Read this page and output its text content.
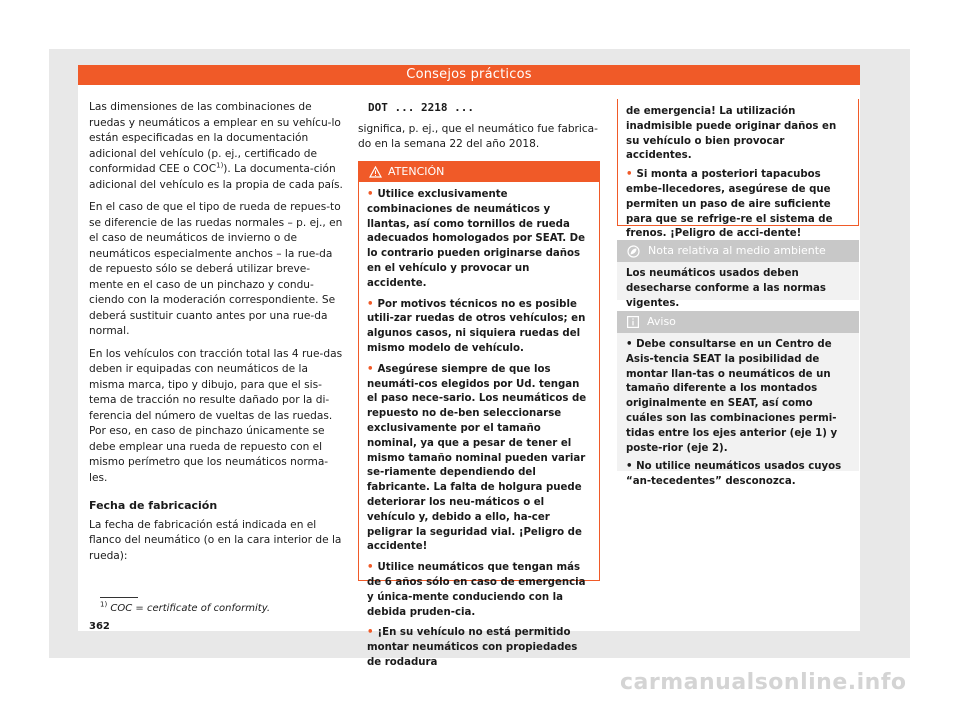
Consejos prácticos

Las dimensiones de las combinaciones de ruedas y neumáticos a emplear en su vehícu-lo están especificadas en la documentación adicional del vehículo (p. ej., certificado de conformidad CEE o COC$^{1)}$). La documenta-ción adicional del vehículo es la propia de cada país.

En el caso de que el tipo de rueda de repues-to se diferencie de las ruedas normales – p. ej., en el caso de neumáticos de invierno o de neumáticos especialmente anchos – la rue-da de repuesto sólo se deberá utilizar breve-mente en el caso de un pinchazo y condu-ciendo con la moderación correspondiente. Se deberá sustituir cuanto antes por una rue-da normal.

En los vehículos con tracción total las 4 rue-das deben ir equipadas con neumáticos de la misma marca, tipo y dibujo, para que el sis-tema de tracción no resulte dañado por la di-ferencia del número de vueltas de las ruedas. Por eso, en caso de pinchazo únicamente se debe emplear una rueda de repuesto con el mismo perímetro que los neumáticos norma-les.

Fecha de fabricación

La fecha de fabricación está indicada en el flanco del neumático (o en la cara interior de la rueda):

DOT ... 2218 ...

significa, p. ej., que el neumático fue fabrica-do en la semana 22 del año 2018.

ATENCIÓN

• Utilice exclusivamente combinaciones de neumáticos y llantas, así como tornillos de rueda adecuados homologados por SEAT. De lo contrario pueden originarse daños en el vehículo y provocar un accidente.

• Por motivos técnicos no es posible utili-zar ruedas de otros vehículos; en algunos casos, ni siquiera ruedas del mismo modelo de vehículo.

• Asegúrese siempre de que los neumáti-cos elegidos por Ud. tengan el paso nece-sario. Los neumáticos de repuesto no de-ben seleccionarse exclusivamente por el tamaño nominal, ya que a pesar de tener el mismo tamaño nominal pueden variar se-riamente dependiendo del fabricante. La falta de holgura puede deteriorar los neu-máticos o el vehículo y, debido a ello, ha-cer peligrar la seguridad vial. ¡Peligro de accidente!

• Utilice neumáticos que tengan más de 6 años sólo en caso de emergencia y única-mente conduciendo con la debida pruden-cia.

• ¡En su vehículo no está permitido montar neumáticos con propiedades de rodadura

de emergencia! La utilización inadmisible puede originar daños en su vehículo o bien provocar accidentes.

• Si monta a posteriori tapacubos embe-llecedores, asegúrese de que permiten un paso de aire suficiente para que se refrige-re el sistema de frenos. ¡Peligro de acci-dente!

Nota relativa al medio ambiente
Los neumáticos usados deben desecharse conforme a las normas vigentes.
Aviso

• Debe consultarse en un Centro de Asis-tencia SEAT la posibilidad de montar llan-tas o neumáticos de un tamaño diferente a los montados originalmente en SEAT, así como cuáles son las combinaciones permi-tidas entre los ejes anterior (eje 1) y poste-rior (eje 2).

• No utilice neumáticos usados cuyos “an-tecedentes” desconozca.

$^{1)}$ COC = certificate of conformity.
362
carmanualsonline.info
